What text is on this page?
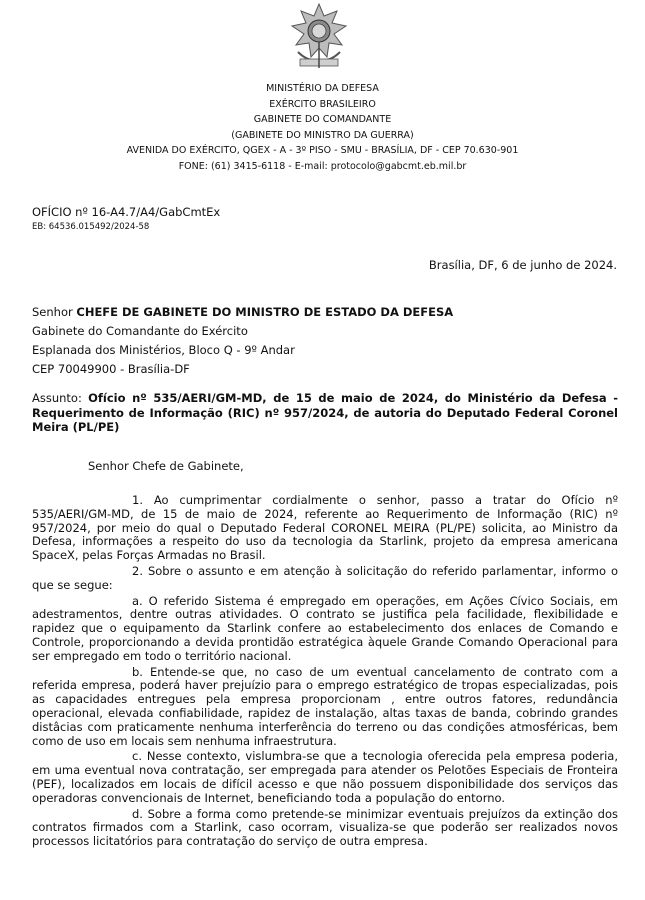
MINISTÉRIO DA DEFESA
EXÉRCITO BRASILEIRO
GABINETE DO COMANDANTE
(GABINETE DO MINISTRO DA GUERRA)
AVENIDA DO EXÉRCITO, QGEX - A - 3º PISO - SMU - BRASÍLIA, DF - CEP 70.630-901
FONE: (61) 3415-6118 - E-mail: protocolo@gabcmt.eb.mil.br
OFÍCIO nº 16-A4.7/A4/GabCmtEx
EB: 64536.015492/2024-58
Brasília, DF, 6 de junho de 2024.
Senhor CHEFE DE GABINETE DO MINISTRO DE ESTADO DA DEFESA
Gabinete do Comandante do Exército
Esplanada dos Ministérios, Bloco Q - 9º Andar
CEP 70049900 - Brasília-DF
Assunto: Ofício nº 535/AERI/GM-MD, de 15 de maio de 2024, do Ministério da Defesa - Requerimento de Informação (RIC) nº 957/2024, de autoria do Deputado Federal Coronel Meira (PL/PE)
Senhor Chefe de Gabinete,

1. Ao cumprimentar cordialmente o senhor, passo a tratar do Ofício nº 535/AERI/GM-MD, de 15 de maio de 2024, referente ao Requerimento de Informação (RIC) nº 957/2024, por meio do qual o Deputado Federal CORONEL MEIRA (PL/PE) solicita, ao Ministro da Defesa, informações a respeito do uso da tecnologia da Starlink, projeto da empresa americana SpaceX, pelas Forças Armadas no Brasil.

2. Sobre o assunto e em atenção à solicitação do referido parlamentar, informo o que se segue:

a. O referido Sistema é empregado em operações, em Ações Cívico Sociais, em adestramentos, dentre outras atividades. O contrato se justifica pela facilidade, flexibilidade e rapidez que o equipamento da Starlink confere ao estabelecimento dos enlaces de Comando e Controle, proporcionando a devida prontidão estratégica àquele Grande Comando Operacional para ser empregado em todo o território nacional.

b. Entende-se que, no caso de um eventual cancelamento de contrato com a referida empresa, poderá haver prejuízio para o emprego estratégico de tropas especializadas, pois as capacidades entregues pela empresa proporcionam , entre outros fatores, redundância operacional, elevada confiabilidade, rapidez de instalação, altas taxas de banda, cobrindo grandes distâcias com praticamente nenhuma interferência do terreno ou das condições atmosféricas, bem como de uso em locais sem nenhuma infraestrutura.

c. Nesse contexto, vislumbra-se que a tecnologia oferecida pela empresa poderia, em uma eventual nova contratação, ser empregada para atender os Pelotões Especiais de Fronteira (PEF), localizados em locais de difícil acesso e que não possuem disponibilidade dos serviços das operadoras convencionais de Internet, beneficiando toda a população do entorno.

d. Sobre a forma como pretende-se minimizar eventuais prejuízos da extinção dos contratos firmados com a Starlink, caso ocorram, visualiza-se que poderão ser realizados novos processos licitatórios para contratação do serviço de outra empresa.
